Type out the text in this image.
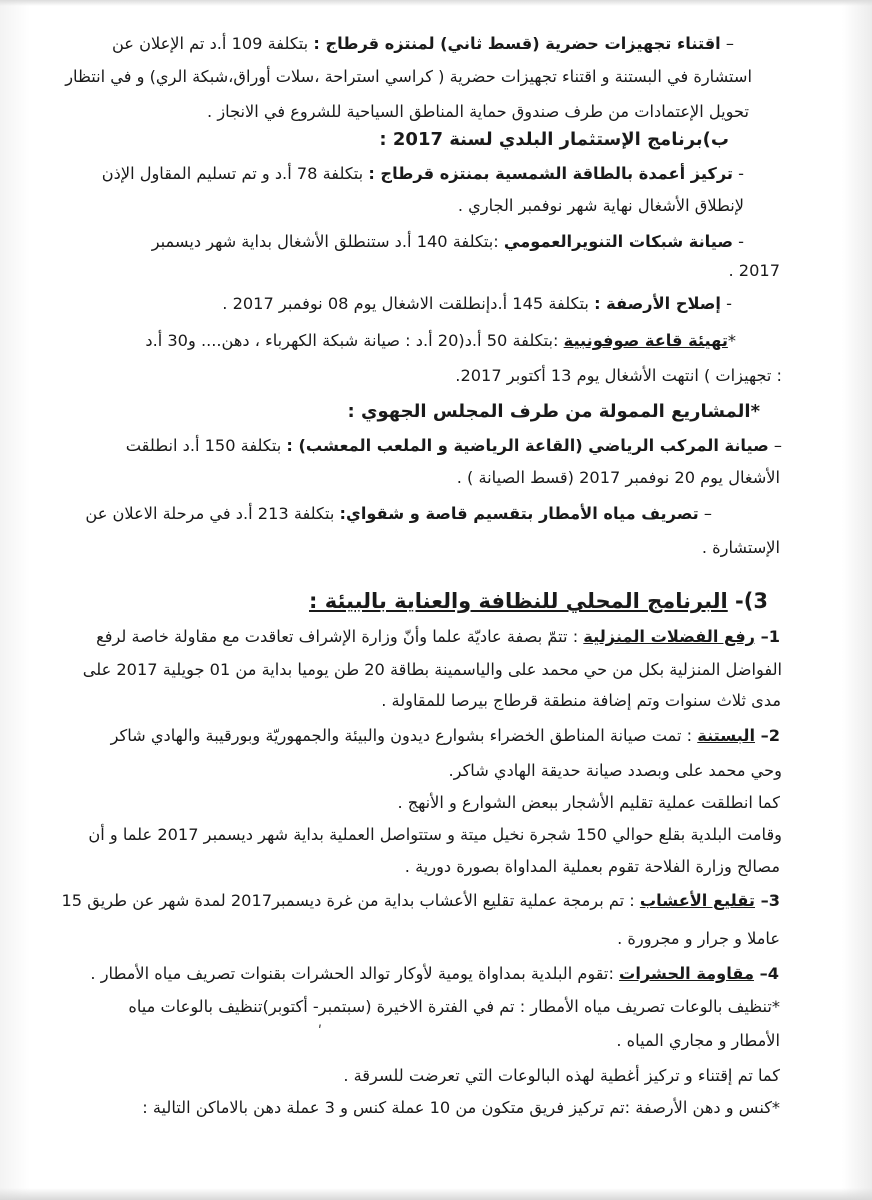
– اقتناء تجهيزات حضرية (قسط ثاني) لمنتزه قرطاج : بتكلفة 109 أ.د تم الإعلان عن
استشارة في البستنة و اقتناء تجهيزات حضرية ( كراسي استراحة ،سلات أوراق،شبكة الري) و في انتظار
تحويل الإعتمادات من طرف صندوق حماية المناطق السياحية للشروع في الانجاز .
ب)برنامج الإستثمار البلدي لسنة 2017 :
- تركيز أعمدة بالطاقة الشمسية بمنتزه قرطاج : بتكلفة 78 أ.د و تم تسليم المقاول الإذن
لإنطلاق الأشغال نهاية شهر نوفمبر الجاري .
- صيانة شبكات التنويرالعمومي :بتكلفة 140 أ.د ستنطلق الأشغال بداية شهر ديسمبر
2017 .
- إصلاح الأرصفة : بتكلفة 145 أ.دإنطلقت الاشغال يوم 08 نوفمبر 2017 .
*تهيئة قاعة صوفونبية :بتكلفة 50 أ.د(20 أ.د : صيانة شبكة الكهرباء ، دهن.... و30 أ.د
: تجهيزات ) انتهت الأشغال يوم 13 أكتوبر 2017.
*المشاريع الممولة من طرف المجلس الجهوي :
– صيانة المركب الرياضي (القاعة الرياضية و الملعب المعشب) : بتكلفة 150 أ.د انطلقت
الأشغال يوم 20 نوفمبر 2017 (قسط الصيانة ) .
– تصريف مياه الأمطار بتقسيم قاصة و شقواي: بتكلفة 213 أ.د في مرحلة الاعلان عن
الإستشارة .
3)- البرنامج المحلي للنظافة والعناية بالبيئة :
1– رفع الفضلات المنزلية : تتمّ بصفة عاديّة علما وأنّ وزارة الإشراف تعاقدت مع مقاولة خاصة لرفع
الفواضل المنزلية بكل من حي محمد على والياسمينة بطاقة 20 طن يوميا بداية من 01 جويلية 2017 على
مدى ثلاث سنوات وتم إضافة منطقة قرطاج بيرصا للمقاولة .
2– البستنة : تمت صيانة المناطق الخضراء بشوارع ديدون والبيئة والجمهوريّة وبورقيبة والهادي شاكر
وحي محمد على وبصدد صيانة حديقة الهادي شاكر.
كما انطلقت عملية تقليم الأشجار ببعض الشوارع و الأنهج .
وقامت البلدية بقلع حوالي 150 شجرة نخيل ميتة و ستتواصل العملية بداية شهر ديسمبر 2017 علما و أن
مصالح وزارة الفلاحة تقوم بعملية المداواة بصورة دورية .
3– تقليع الأعشاب : تم برمجة عملية تقليع الأعشاب بداية من غرة ديسمبر2017 لمدة شهر عن طريق 15
عاملا و جرار و مجرورة .
4– مقاومة الحشرات :تقوم البلدية بمداواة يومية لأوكار توالد الحشرات بقنوات تصريف مياه الأمطار .
*تنظيف بالوعات تصريف مياه الأمطار : تم في الفترة الاخيرة (سبتمبر- أكتوبر)تنظيف بالوعات مياه
ʹ	الأمطار و مجاري المياه .
كما تم إقتناء و تركيز أغطية لهذه البالوعات التي تعرضت للسرقة .
*كنس و دهن الأرصفة :تم تركيز فريق متكون من 10 عملة كنس و 3 عملة دهن بالاماكن التالية :
